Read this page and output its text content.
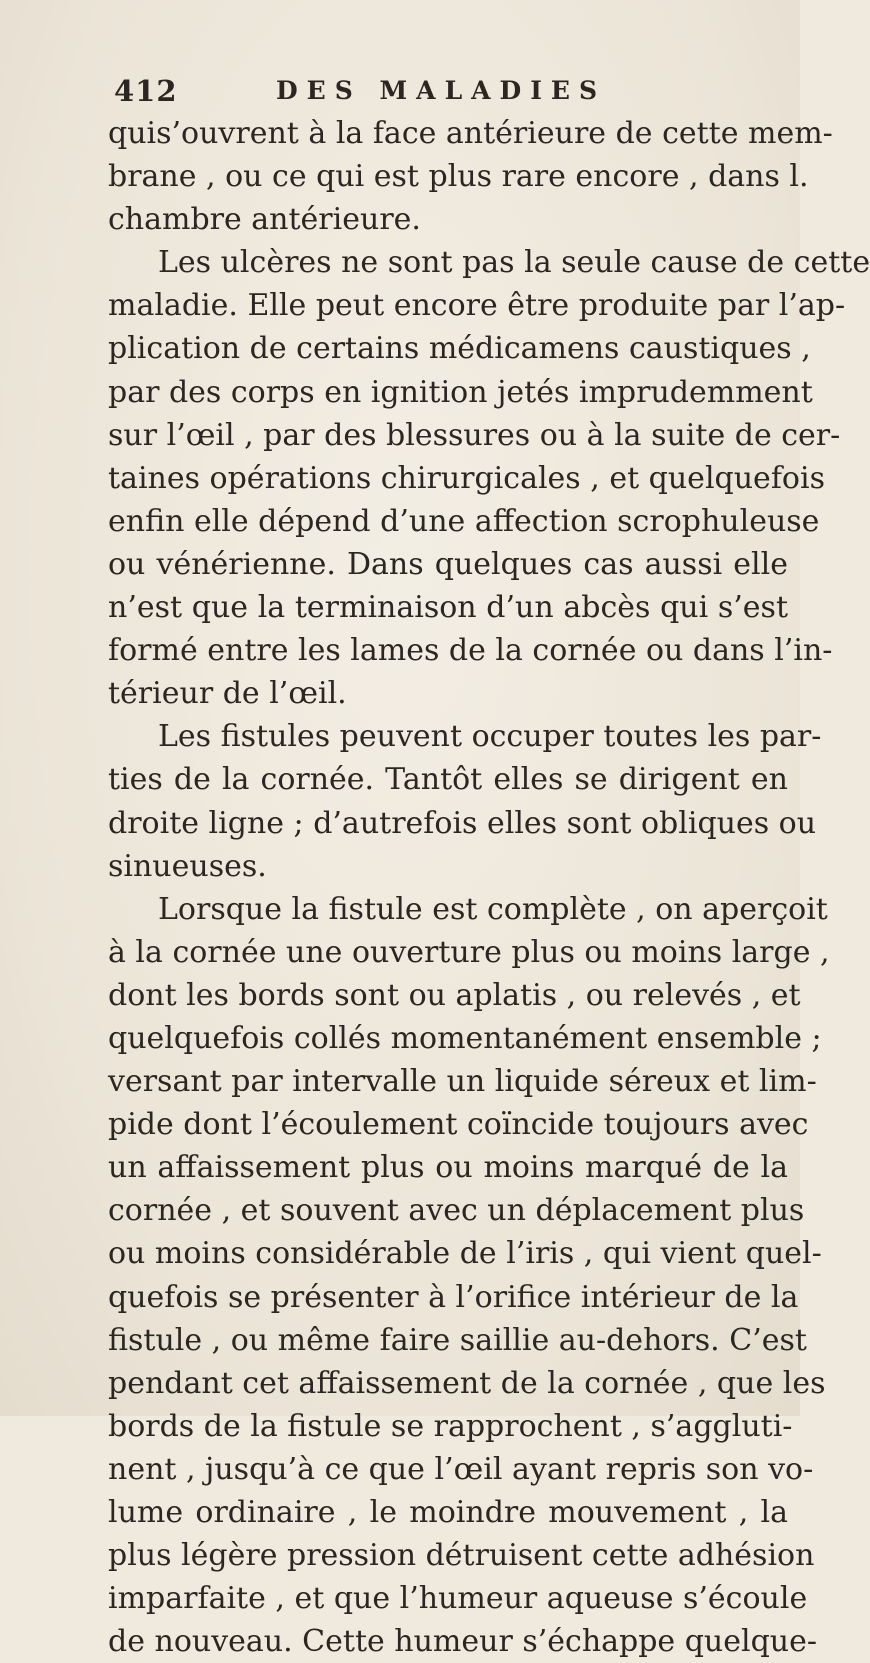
412	DES MALADIES
quis’ouvrent à la face antérieure de cette mem-
brane , ou ce qui est plus rare encore , dans l.
chambre antérieure.
Les ulcères ne sont pas la seule cause de cette
maladie. Elle peut encore être produite par l’ap-
plication de certains médicamens caustiques ,
par des corps en ignition jetés imprudemment
sur l’œil , par des blessures ou à la suite de cer-
taines opérations chirurgicales , et quelquefois
enfin elle dépend d’une affection scrophuleuse
ou vénérienne. Dans quelques cas aussi elle
n’est que la terminaison d’un abcès qui s’est
formé entre les lames de la cornée ou dans l’in-
térieur de l’œil.
Les fistules peuvent occuper toutes les par-
ties de la cornée. Tantôt elles se dirigent en
droite ligne ; d’autrefois elles sont obliques ou
sinueuses.
Lorsque la fistule est complète , on aperçoit
à la cornée une ouverture plus ou moins large ,
dont les bords sont ou aplatis , ou relevés , et
quelquefois collés momentanément ensemble ;
versant par intervalle un liquide séreux et lim-
pide dont l’écoulement coïncide toujours avec
un affaissement plus ou moins marqué de la
cornée , et souvent avec un déplacement plus
ou moins considérable de l’iris , qui vient quel-
quefois se présenter à l’orifice intérieur de la
fistule , ou même faire saillie au-dehors. C’est
pendant cet affaissement de la cornée , que les
bords de la fistule se rapprochent , s’aggluti-
nent , jusqu’à ce que l’œil ayant repris son vo-
lume ordinaire , le moindre mouvement , la
plus légère pression détruisent cette adhésion
imparfaite , et que l’humeur aqueuse s’écoule
de nouveau. Cette humeur s’échappe quelque-
